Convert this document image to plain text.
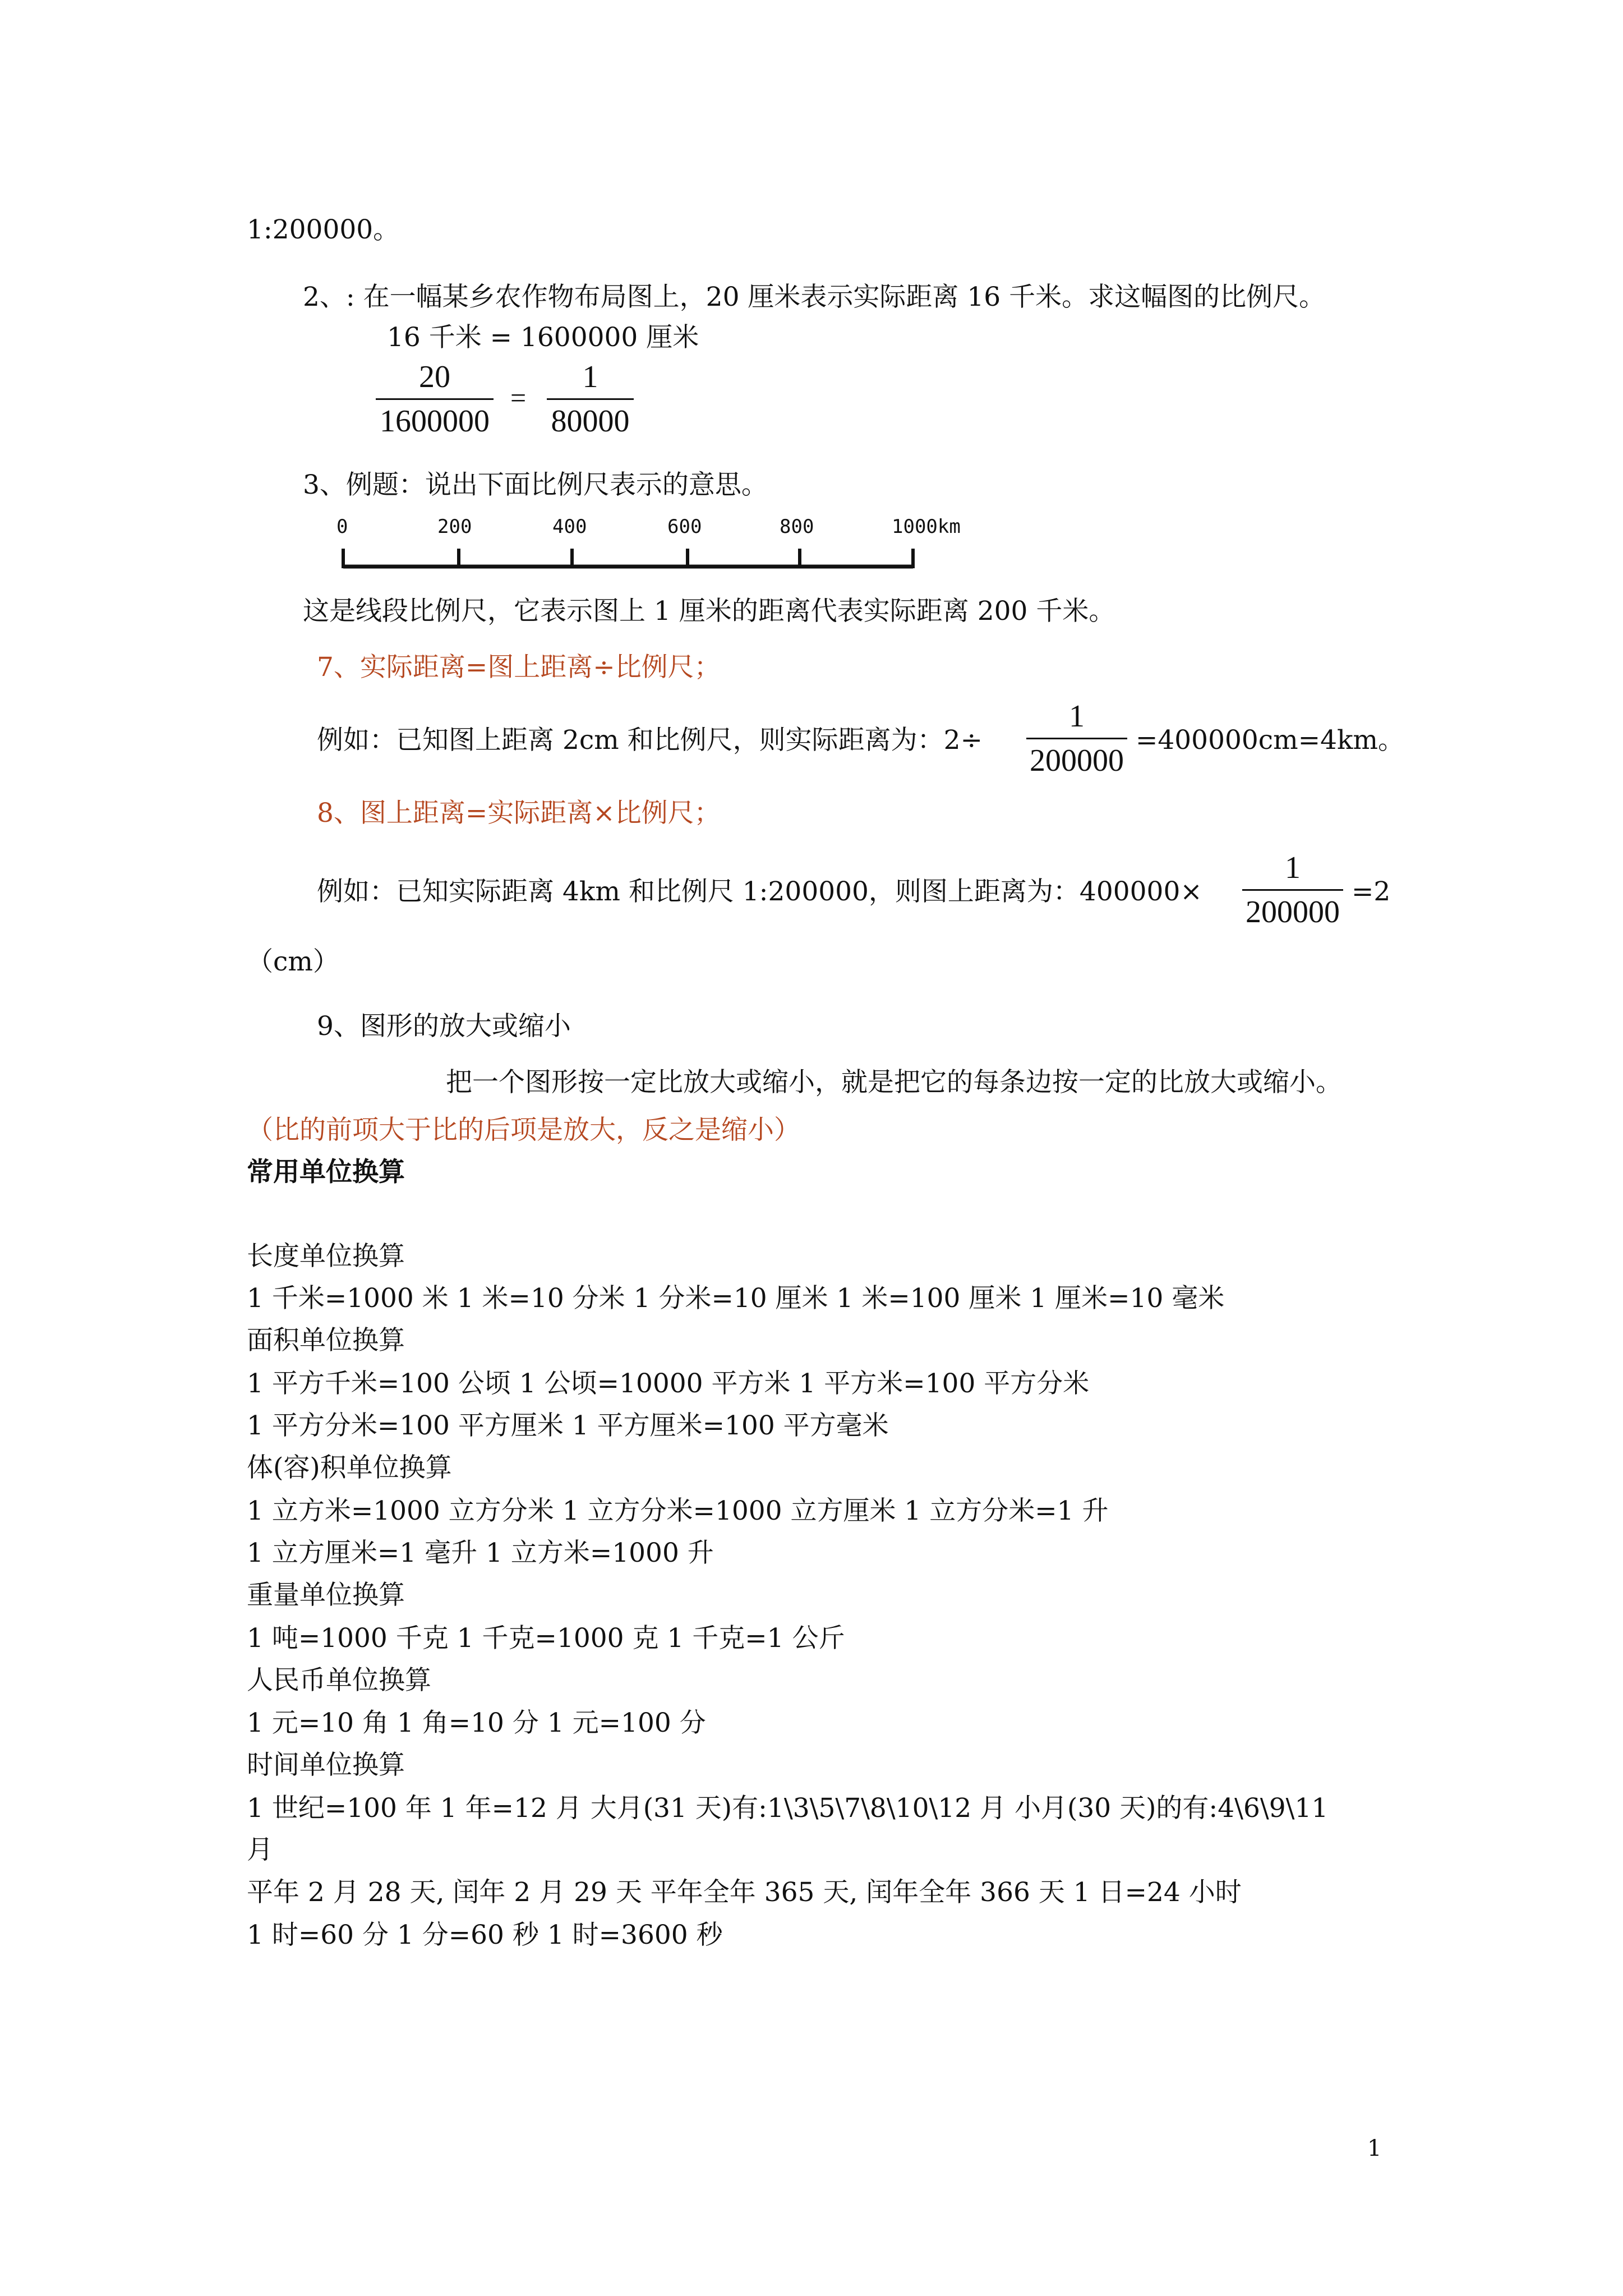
1:200000。
2、: 在一幅某乡农作物布局图上，20 厘米表示实际距离 16 千米。求这幅图的比例尺。
16 千米 = 1600000 厘米
20
1600000
=
1
80000
3、例题：说出下面比例尺表示的意思。
0	200	400	600	800	1000km
这是线段比例尺，它表示图上 1 厘米的距离代表实际距离 200 千米。
7、实际距离=图上距离÷比例尺；
例如：已知图上距离 2cm 和比例尺，则实际距离为：2÷
1
200000
=400000cm=4km。
8、图上距离=实际距离×比例尺；
例如：已知实际距离 4km 和比例尺 1:200000，则图上距离为：400000×
1
200000
=2
（cm）
9、图形的放大或缩小
把一个图形按一定比放大或缩小，就是把它的每条边按一定的比放大或缩小。
（比的前项大于比的后项是放大，反之是缩小）
常用单位换算
长度单位换算
1 千米=1000 米 1 米=10 分米 1 分米=10 厘米 1 米=100 厘米 1 厘米=10 毫米
面积单位换算
1 平方千米=100 公顷 1 公顷=10000 平方米 1 平方米=100 平方分米
1 平方分米=100 平方厘米 1 平方厘米=100 平方毫米
体(容)积单位换算
1 立方米=1000 立方分米 1 立方分米=1000 立方厘米 1 立方分米=1 升
1 立方厘米=1 毫升 1 立方米=1000 升
重量单位换算
1 吨=1000 千克 1 千克=1000 克 1 千克=1 公斤
人民币单位换算
1 元=10 角 1 角=10 分 1 元=100 分
时间单位换算
1 世纪=100 年 1 年=12 月 大月(31 天)有:1\3\5\7\8\10\12 月 小月(30 天)的有:4\6\9\11
月
平年 2 月 28 天, 闰年 2 月 29 天 平年全年 365 天, 闰年全年 366 天 1 日=24 小时
1 时=60 分 1 分=60 秒 1 时=3600 秒
1
